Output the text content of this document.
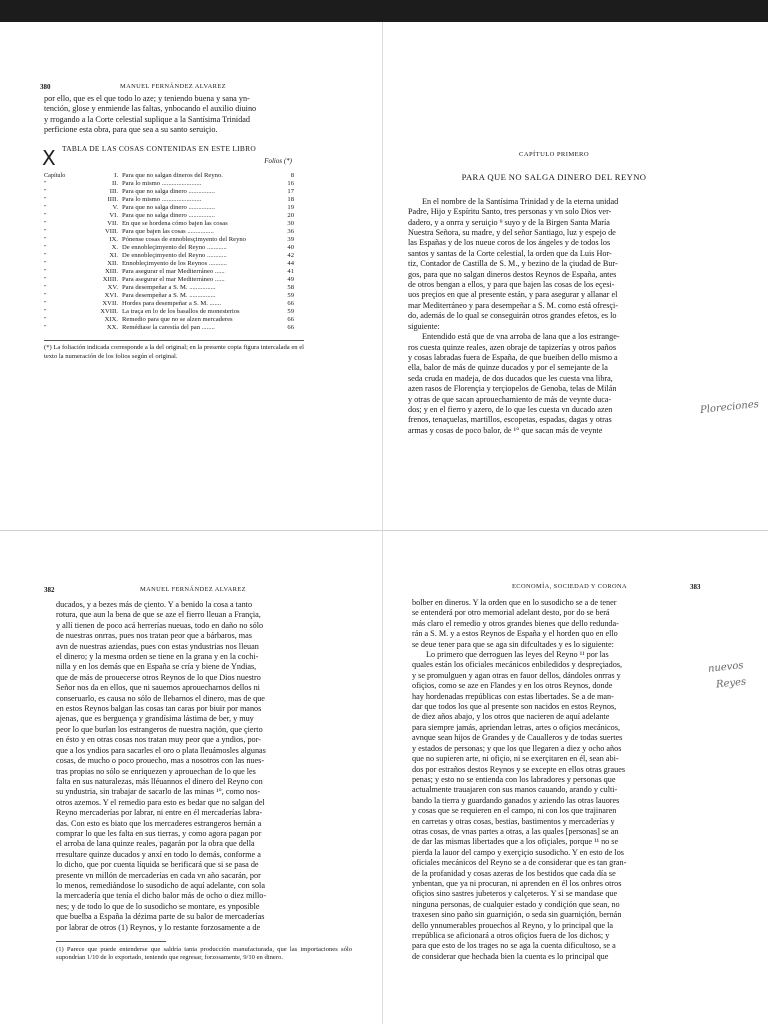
380	MANUEL FERNÁNDEZ ALVAREZ
X

por ello, que es el que todo lo aze; y teniendo buena y sana yn-

tención, glose y enmiende las faltas, ynbocando el auxilio diuino

y rrogando a la Corte celestial suplique a la Santísima Trinidad

perficione esta obra, para que sea a su santo seruiçio.

TABLA DE LAS COSAS CONTENIDAS EN ESTE LIBRO
Folios (*)
Capítulo	I.	Para que no salgan dineros del Reyno.	8
"	II.	Para lo mismo ........................	16
"	III.	Para que no salga dinero ................	17
"	IIII.	Para lo mismo ........................	18
"	V.	Para que no salga dinero ................	19
"	VI.	Para que no salga dinero ................	20
"	VII.	En que se hordena cómo bajen las cosas	30
"	VIII.	Para que bajen las cosas ................	36
"	IX.	Pónense cosas de ennoblesçimyento del Reyno	39
"	X.	De ennobleçimyento del Reyno ............	40
"	XI.	De ennobleçimyento del Reyno ............	42
"	XII.	Ennobleçimyento de los Reynos ...........	44
"	XIII.	Para asegurar el mar Mediterráneo ......	41
"	XIIII.	Para asegurar el mar Mediterráneo ......	49
"	XV.	Para desempeñar a S. M. ................	58
"	XVI.	Para desempeñar a S. M. ................	59
"	XVII.	Hordes para desempeñar a S. M. .......	66
"	XVIII.	La traça en lo de los basallos de monesterios	59
"	XIX.	Remedio para que no se alzen mercaderes	66
"	XX.	Remédiase la carestía del pan ........	66
(*) La foliación indicada corresponde a la del original; en la presente copia figura intercalada en el texto la numeración de los folios según el original.
CAPÍTULO PRIMERO
PARA QUE NO SALGA DINERO DEL REYNO

En el nombre de la Santísima Trinidad y de la eterna unidad

Padre, Hijo y Espíritu Santo, tres personas y vn solo Dios ver-

dadero, y a onrra y seruiçio ⁹ suyo y de la Birgen Santa María

Nuestra Señora, su madre, y del señor Santiago, luz y espejo de

las Españas y de los nueue coros de los ángeles y de todos los

santos y santas de la Corte celestial, la orden que da Luis Hor-

tiz, Contador de Castilla de S. M., y bezino de la çiudad de Bur-

gos, para que no salgan dineros destos Reynos de España, antes

de otros bengan a ellos, y para que bajen las cosas de los eçesi-

uos preçios en que al presente están, y para asegurar y allanar el

mar Mediterráneo y para desempeñar a S. M. como está ofresçi-

do, además de lo qual se conseguirán otros grandes efetos, es lo

siguiente:

Entendido está que de vna arroba de lana que a los estrange-

ros cuesta quinze reales, azen obraje de tapizerías y otros paños

y cosas labradas fuera de España, de que bueiben dello mismo a

ella, balor de más de quinze ducados y por el semejante de la

seda cruda en madeja, de dos ducados que les cuesta vna libra,

azen rasos de Florençia y terçiopelos de Genoba, telas de Milán

y otras de que sacan aprouechamiento de más de veynte duca-

dos; y en el fierro y azero, de lo que les cuesta vn ducado azen

frenos, tenaçuelas, martillos, escopetas, espadas, dagas y otras

armas y cosas de poco balor, de ¹° que sacan más de veynte

Ploreciones
382	MANUEL FERNÁNDEZ ALVAREZ

ducados, y a bezes más de çiento. Y a benido la cosa a tanto

rotura, que aun la bena de que se aze el fierro lleuan a Françia,

y allí tienen de poco acá herrerías nueuas, todo en daño no sólo

de nuestras onrras, pues nos tratan peor que a bárbaros, mas

avn de nuestras aziendas, pues con estas yndustrias nos lleuan

el dinero; y la mesma orden se tiene en la grana y en la cochi-

nilla y en los demás que en España se cría y biene de Yndias,

que de más de prouecerse otros Reynos de lo que Dios nuestro

Señor nos da en ellos, que ni sauemos aprouecharnos dellos ni

conseruarlo, es causa no sólo de llebarnos el dinero, mas de que

en estos Reynos balgan las cosas tan caras por biuir por manos

ajenas, que es berguença y grandísima lástima de ber, y muy

peor lo que burlan los estrangeros de nuestra naçión, que çierto

en ésto y en otras cosas nos tratan muy peor que a yndios, por-

que a los yndios para sacarles el oro o plata lleuámosles algunas

cosas, de mucho o poco prouecho, mas a nosotros con las nues-

tras propias no sólo se enriquezen y aprouechan de lo que les

falta en sus naturalezas, más lléuannos el dinero del Reyno con

su yndustria, sin trabajar de sacarlo de las minas ¹°, como nos-

otros azemos. Y el remedio para esto es bedar que no salgan del

Reyno mercaderías por labrar, ni entre en él mercaderías labra-

das. Con esto es biato que los mercaderes estrangeros bernán a

comprar lo que les falta en sus tierras, y como agora pagan por

el arroba de lana quinze reales, pagarán por la obra que della

rresultare quinze ducados y anxí en todo lo demás, conforme a

lo dicho, que por cuenta líquida se berificará que si se pasa de

presente vn millón de mercaderías en cada vn año sacarán, por

lo menos, remediándose lo susodicho de aquí adelante, con sola

la mercadería que tenía el dicho balor más de ocho o diez millo-

nes; y de todo lo que de lo susodicho se montare, es ynposible

que buelba a España la dézima parte de su balor de mercaderías

por labrar de otros (1) Reynos, y lo restante forzosamente a de

(1) Parece que puede entenderse que saldría tanta producción manufacturada, que las importaciones sólo supondrían 1/10 de lo exportado, teniendo que regresar, forzosamente, 9/10 en dinero.
ECONOMÍA, SOCIEDAD Y CORONA	383

bolber en dineros. Y la orden que en lo susodicho se a de tener

se entenderá por otro memorial adelant desto, por do se berá

más claro el remedio y otros grandes bienes que dello redunda-

rán a S. M. y a estos Reynos de España y el horden quo en ello

se deue tener para que se aga sin difcultades y es lo siguiente:

Lo primero que derroguen las leyes del Reyno ¹¹ por las

quales están los oficiales mecánicos enbiledidos y despreçiados,

y se promulguen y agan otras en fauor dellos, dándoles onrras y

ofiçios, como se aze en Flandes y en los otros Reynos, donde

hay hordenadas rrepúblicas con estas libertades. Se a de man-

dar que todos los que al presente son nacidos en estos Reynos,

de diez años abajo, y los otros que nacieren de aquí adelante

para siempre jamás, apriendan letras, artes o ofiçios mecánicos,

avnque sean hijos de Grandes y de Caualleros y de todas suertes

y estados de personas; y que los que llegaren a diez y ocho años

que no supieren arte, ni ofiçio, ni se exerçitaren en él, sean abi-

dos por estraños destos Reynos y se excepte en ellos otras graues

penas; y esto no se entienda con los labradores y personas que

actualmente trauajaren con sus manos cauando, arando y culti-

bando la tierra y guardando ganados y aziendo las otras lauores

y cosas que se requieren en el campo, ni con los que trajinaren

en carretas y otras cosas, bestias, bastimentos y mercaderías y

otras cosas, de vnas partes a otras, a las quales [personas] se an

de dar las mismas libertades que a los ofiçiales, porque ¹¹ no se

pierda la lauor del campo y exerçiçio susodicho. Y en esto de los

oficiales mecánicos del Reyno se a de considerar que es tan gran-

de la profanidad y cosas azeras de los bestidos que cada día se

ynbentan, que ya ni procuran, ni aprenden en él los onbres otros

ofiçios sino sastres jubeteros y calçeteros. Y si se mandase que

ninguna personas, de cualquier estado y condiçión que sean, no

traxesen sino paño sin guarniçión, o seda sin guarniçión, bernán

dello ynnumerables prouechos al Reyno, y lo principal que la

rrepública se aficionará a otros ofiçios fuera de los dichos; y

para que esto de los trages no se aga la cuenta dificultoso, se a

de considerar que hechada bien la cuenta es lo principal que

nuevos
Reyes
